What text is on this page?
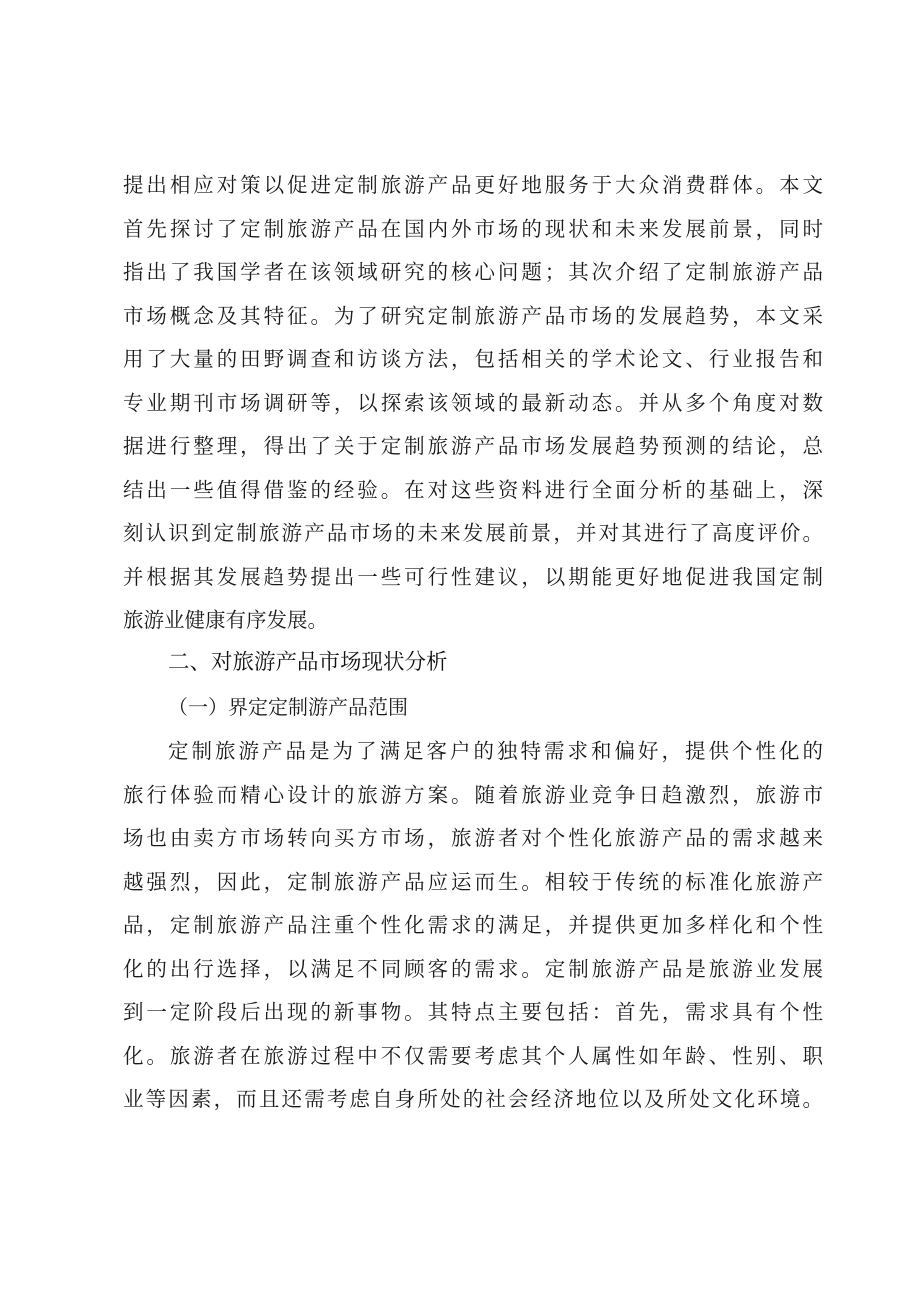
提出相应对策以促进定制旅游产品更好地服务于大众消费群体。本文
首先探讨了定制旅游产品在国内外市场的现状和未来发展前景，同时
指出了我国学者在该领域研究的核心问题；其次介绍了定制旅游产品
市场概念及其特征。为了研究定制旅游产品市场的发展趋势，本文采
用了大量的田野调查和访谈方法，包括相关的学术论文、行业报告和
专业期刊市场调研等，以探索该领域的最新动态。并从多个角度对数
据进行整理，得出了关于定制旅游产品市场发展趋势预测的结论，总
结出一些值得借鉴的经验。在对这些资料进行全面分析的基础上，深
刻认识到定制旅游产品市场的未来发展前景，并对其进行了高度评价。
并根据其发展趋势提出一些可行性建议，以期能更好地促进我国定制
旅游业健康有序发展。
二、对旅游产品市场现状分析
（一）界定定制游产品范围
定制旅游产品是为了满足客户的独特需求和偏好，提供个性化的
旅行体验而精心设计的旅游方案。随着旅游业竞争日趋激烈，旅游市
场也由卖方市场转向买方市场，旅游者对个性化旅游产品的需求越来
越强烈，因此，定制旅游产品应运而生。相较于传统的标准化旅游产
品，定制旅游产品注重个性化需求的满足，并提供更加多样化和个性
化的出行选择，以满足不同顾客的需求。定制旅游产品是旅游业发展
到一定阶段后出现的新事物。其特点主要包括：首先，需求具有个性
化。旅游者在旅游过程中不仅需要考虑其个人属性如年龄、性别、职
业等因素，而且还需考虑自身所处的社会经济地位以及所处文化环境。
